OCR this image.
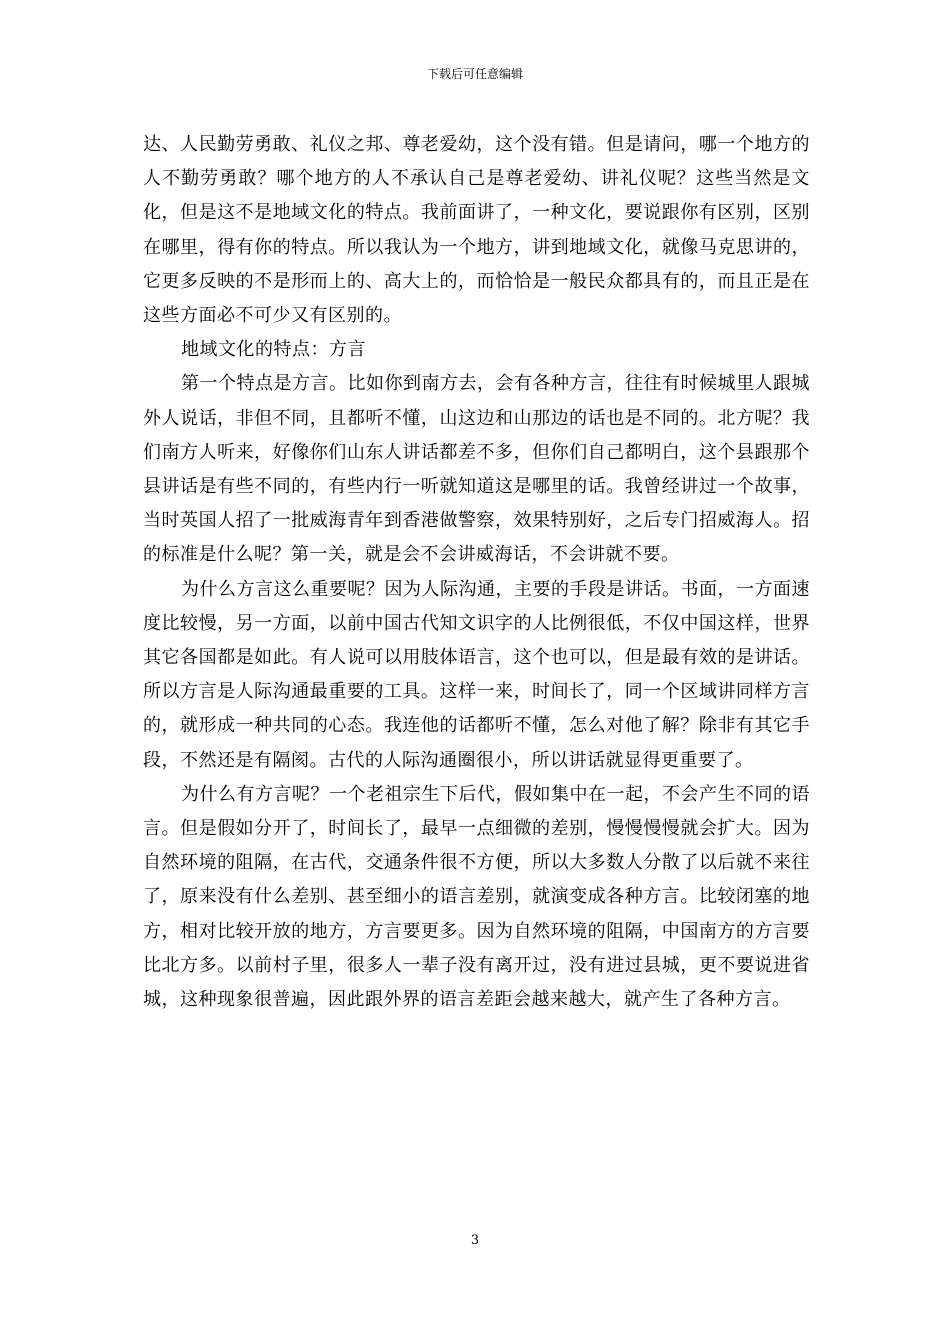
下载后可任意编辑

达、人民勤劳勇敢、礼仪之邦、尊老爱幼，这个没有错。但是请问，哪一个地方的人不勤劳勇敢？哪个地方的人不承认自己是尊老爱幼、讲礼仪呢？这些当然是文化，但是这不是地域文化的特点。我前面讲了，一种文化，要说跟你有区别，区别在哪里，得有你的特点。所以我认为一个地方，讲到地域文化，就像马克思讲的，它更多反映的不是形而上的、高大上的，而恰恰是一般民众都具有的，而且正是在这些方面必不可少又有区别的。

地域文化的特点：方言

第一个特点是方言。比如你到南方去，会有各种方言，往往有时候城里人跟城外人说话，非但不同，且都听不懂，山这边和山那边的话也是不同的。北方呢？我们南方人听来，好像你们山东人讲话都差不多，但你们自己都明白，这个县跟那个县讲话是有些不同的，有些内行一听就知道这是哪里的话。我曾经讲过一个故事，当时英国人招了一批威海青年到香港做警察，效果特别好，之后专门招威海人。招的标准是什么呢？第一关，就是会不会讲威海话，不会讲就不要。

为什么方言这么重要呢？因为人际沟通，主要的手段是讲话。书面，一方面速度比较慢，另一方面，以前中国古代知文识字的人比例很低，不仅中国这样，世界其它各国都是如此。有人说可以用肢体语言，这个也可以，但是最有效的是讲话。所以方言是人际沟通最重要的工具。这样一来，时间长了，同一个区域讲同样方言的，就形成一种共同的心态。我连他的话都听不懂，怎么对他了解？除非有其它手段，不然还是有隔阂。古代的人际沟通圈很小，所以讲话就显得更重要了。

为什么有方言呢？一个老祖宗生下后代，假如集中在一起，不会产生不同的语言。但是假如分开了，时间长了，最早一点细微的差别，慢慢慢慢就会扩大。因为自然环境的阻隔，在古代，交通条件很不方便，所以大多数人分散了以后就不来往了，原来没有什么差别、甚至细小的语言差别，就演变成各种方言。比较闭塞的地方，相对比较开放的地方，方言要更多。因为自然环境的阻隔，中国南方的方言要比北方多。以前村子里，很多人一辈子没有离开过，没有进过县城，更不要说进省城，这种现象很普遍，因此跟外界的语言差距会越来越大，就产生了各种方言。

3
